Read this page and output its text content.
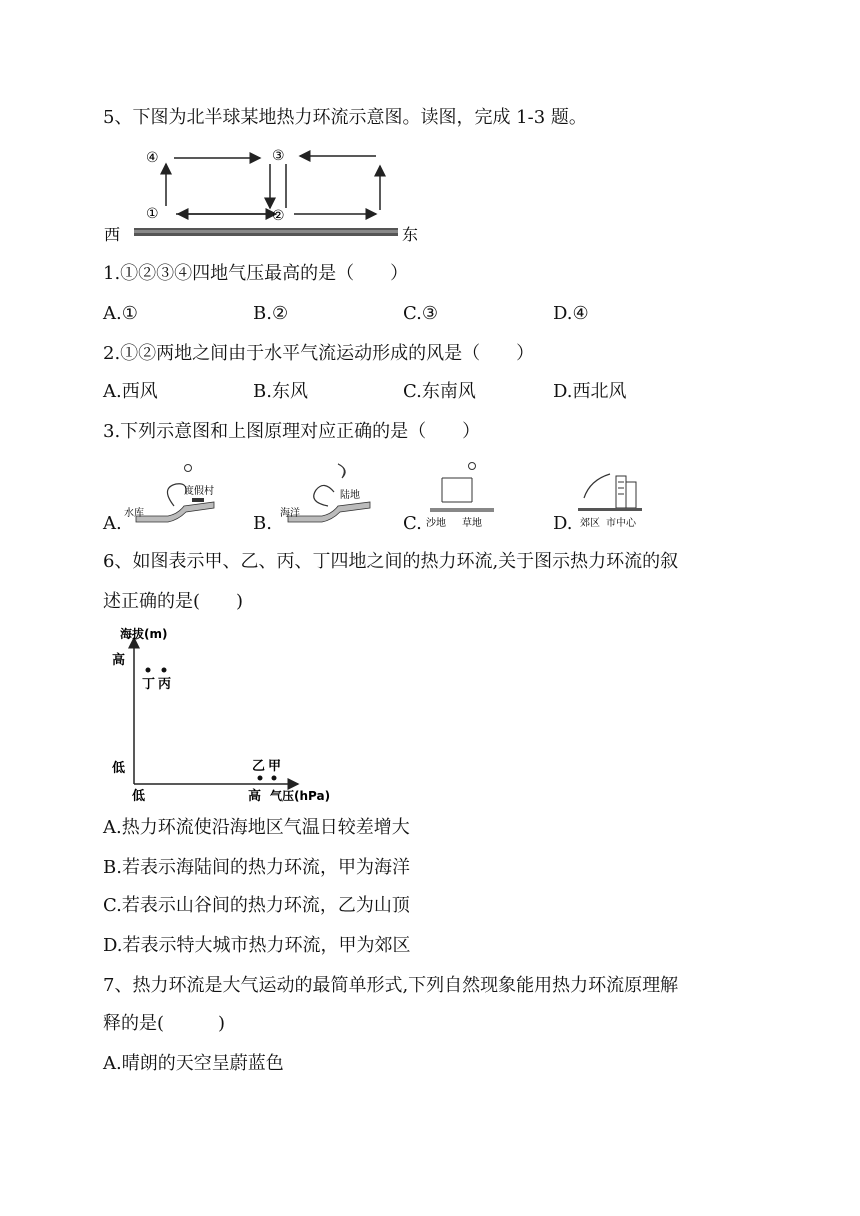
5、下图为北半球某地热力环流示意图。读图，完成 1-3 题。
④	③
①	②
西	东
1.①②③④四地气压最高的是（　　）
A.①	B.②	C.③	D.④
2.①②两地之间由于水平气流运动形成的风是（　　）
A.西风	B.东风	C.东南风	D.西北风
3.下列示意图和上图原理对应正确的是（　　）
A.
度假村
水库	B.
陆地
海洋	C. 沙地 草地	D. 郊区 市中心
6、如图表示甲、乙、丙、丁四地之间的热力环流,关于图示热力环流的叙
述正确的是(　　)
海拔(m)
高
低
低	高 气压(hPa)
丁 丙
乙 甲
A.热力环流使沿海地区气温日较差增大
B.若表示海陆间的热力环流，甲为海洋
C.若表示山谷间的热力环流，乙为山顶
D.若表示特大城市热力环流，甲为郊区
7、热力环流是大气运动的最简单形式,下列自然现象能用热力环流原理解
释的是(　　　)
A.晴朗的天空呈蔚蓝色
